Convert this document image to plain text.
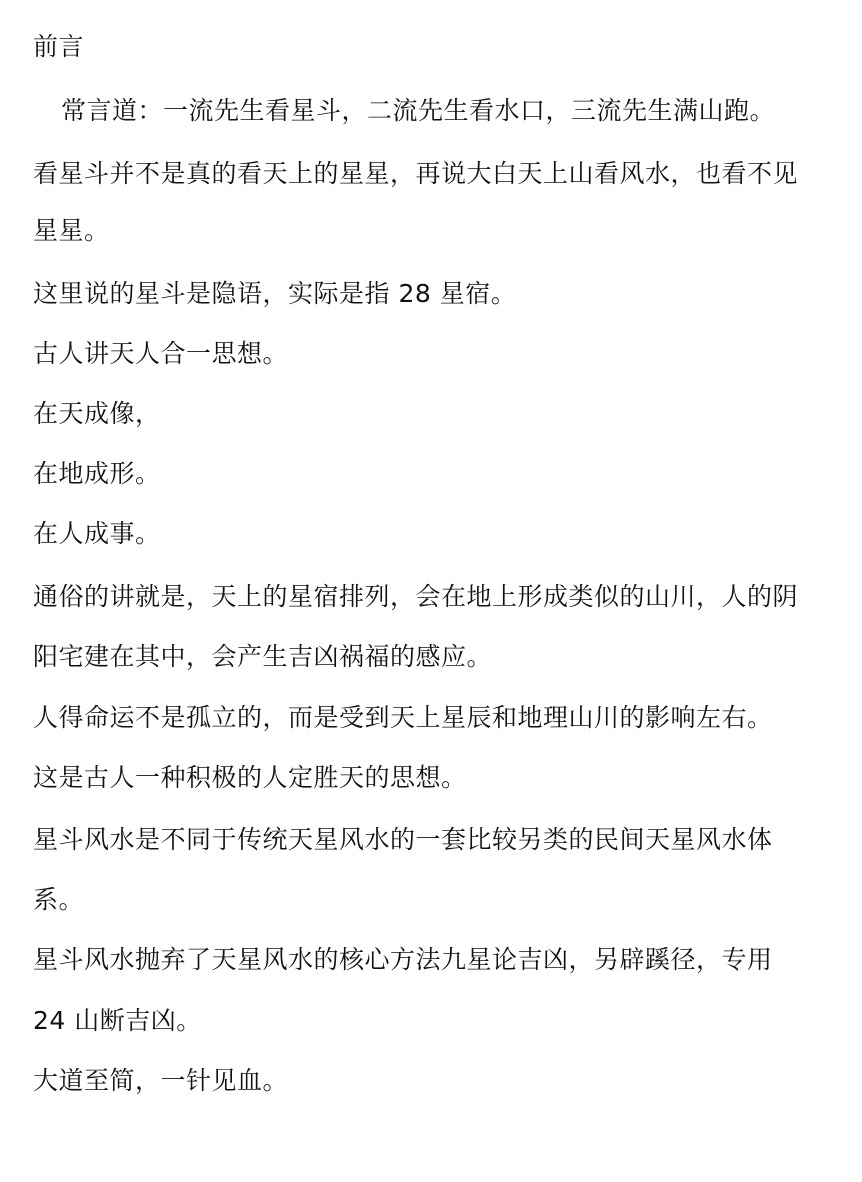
前言
常言道：一流先生看星斗，二流先生看水口，三流先生满山跑。
看星斗并不是真的看天上的星星，再说大白天上山看风水，也看不见
星星。
这里说的星斗是隐语，实际是指 28 星宿。
古人讲天人合一思想。
在天成像，
在地成形。
在人成事。
通俗的讲就是，天上的星宿排列，会在地上形成类似的山川，人的阴
阳宅建在其中，会产生吉凶祸福的感应。
人得命运不是孤立的，而是受到天上星辰和地理山川的影响左右。
这是古人一种积极的人定胜天的思想。
星斗风水是不同于传统天星风水的一套比较另类的民间天星风水体
系。
星斗风水抛弃了天星风水的核心方法九星论吉凶，另辟蹊径，专用
24 山断吉凶。
大道至简，一针见血。
